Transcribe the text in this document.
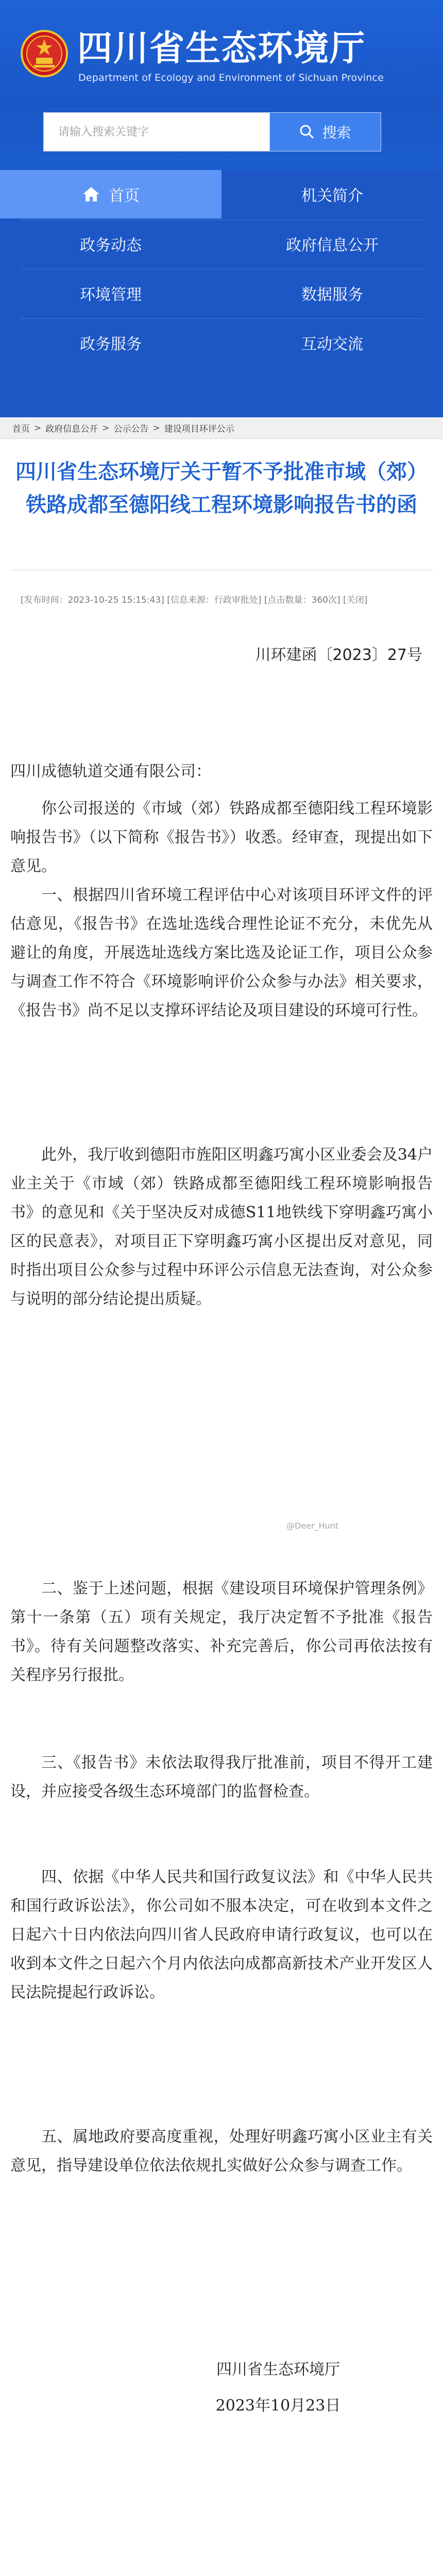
四川省生态环境厅
Department of Ecology and Environment of Sichuan Province
请输入搜索关键字
搜索
首页	机关简介
政务动态	政府信息公开
环境管理	数据服务
政务服务	互动交流
首页 > 政府信息公开 > 公示公告 > 建设项目环评公示
四川省生态环境厅关于暂不予批准市域（郊）铁路成都至德阳线工程环境影响报告书的函
[发布时间：2023-10-25 15:15:43] [信息来源：行政审批处] [点击数量：360次] [关闭]
川环建函〔2023〕27号

四川成德轨道交通有限公司：

你公司报送的《市域（郊）铁路成都至德阳线工程环境影响报告书》（以下简称《报告书》）收悉。经审查，现提出如下意见。

一、根据四川省环境工程评估中心对该项目环评文件的评估意见，《报告书》在选址选线合理性论证不充分，未优先从避让的角度，开展选址选线方案比选及论证工作，项目公众参与调查工作不符合《环境影响评价公众参与办法》相关要求，《报告书》尚不足以支撑环评结论及项目建设的环境可行性。

此外，我厅收到德阳市旌阳区明鑫巧寓小区业委会及34户业主关于《市域（郊）铁路成都至德阳线工程环境影响报告书》的意见和《关于坚决反对成德S11地铁线下穿明鑫巧寓小区的民意表》，对项目正下穿明鑫巧寓小区提出反对意见，同时指出项目公众参与过程中环评公示信息无法查询，对公众参与说明的部分结论提出质疑。

二、鉴于上述问题，根据《建设项目环境保护管理条例》第十一条第（五）项有关规定，我厅决定暂不予批准《报告书》。待有关问题整改落实、补充完善后，你公司再依法按有关程序另行报批。

三、《报告书》未依法取得我厅批准前，项目不得开工建设，并应接受各级生态环境部门的监督检查。

四、依据《中华人民共和国行政复议法》和《中华人民共和国行政诉讼法》，你公司如不服本决定，可在收到本文件之日起六十日内依法向四川省人民政府申请行政复议，也可以在收到本文件之日起六个月内依法向成都高新技术产业开发区人民法院提起行政诉讼。

五、属地政府要高度重视，处理好明鑫巧寓小区业主有关意见，指导建设单位依法依规扎实做好公众参与调查工作。

@Deer_Hunt
四川省生态环境厅
2023年10月23日
